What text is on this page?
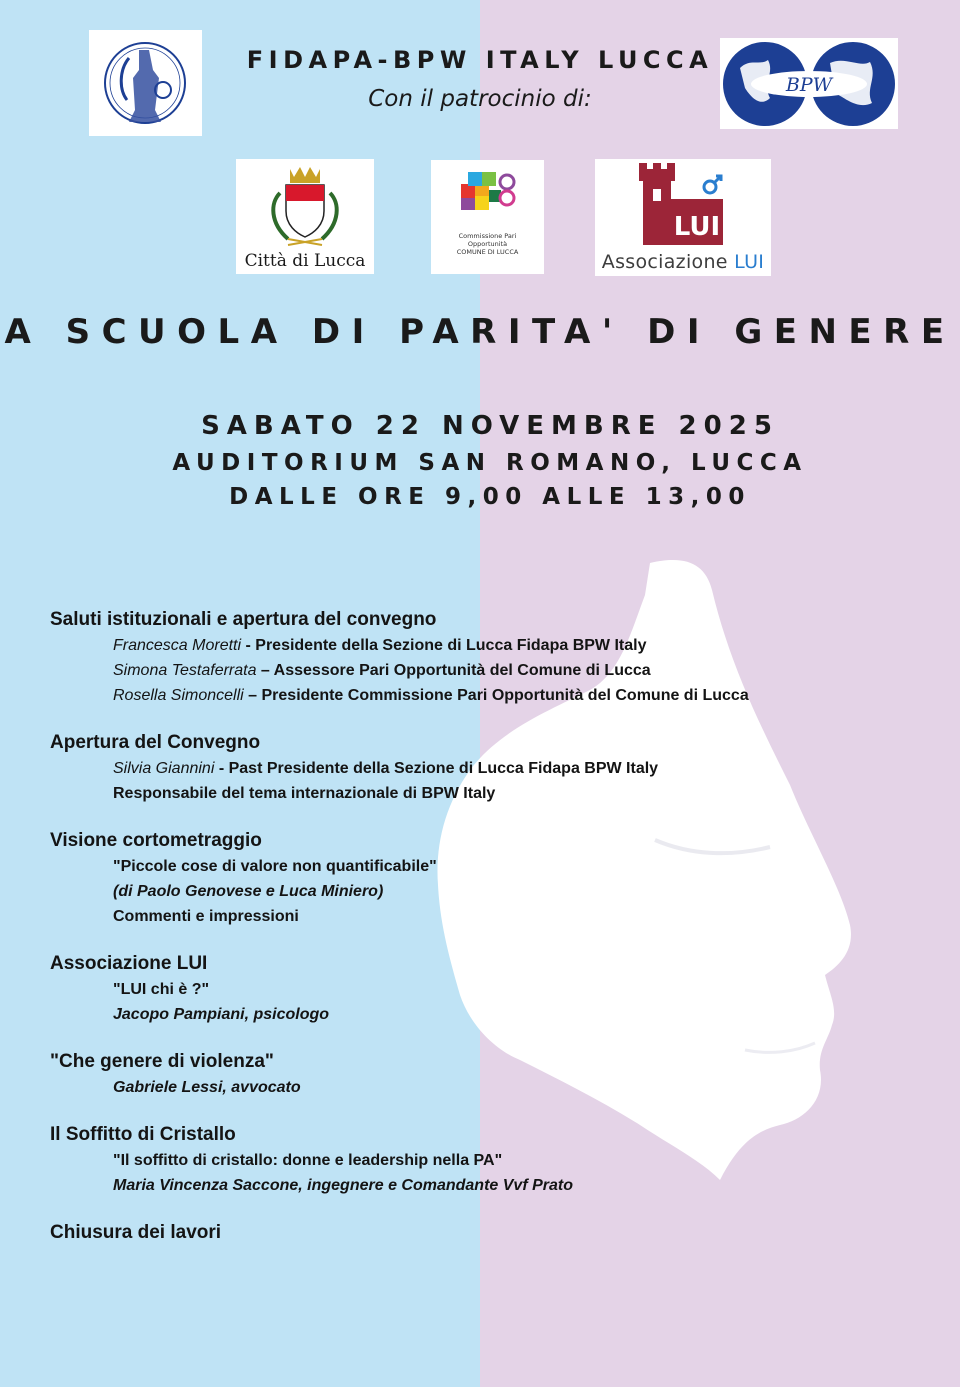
FIDAPA-BPW ITALY LUCCA
Con il patrocinio di:
BPW
Città di Lucca
Commissione Pari
Opportunità
COMUNE DI LUCCA
LUI
Associazione LUI
A SCUOLA DI PARITA' DI GENERE
SABATO 22 NOVEMBRE 2025
AUDITORIUM SAN ROMANO, LUCCA
DALLE ORE 9,00 ALLE 13,00
Saluti istituzionali e apertura del convegno
Francesca Moretti - Presidente della Sezione di Lucca Fidapa BPW Italy
Simona Testaferrata – Assessore Pari Opportunità del Comune di Lucca
Rosella Simoncelli – Presidente Commissione Pari Opportunità del Comune di Lucca
Apertura del Convegno
Silvia Giannini - Past Presidente della Sezione di Lucca Fidapa BPW Italy
Responsabile del tema internazionale di BPW Italy
Visione cortometraggio
"Piccole cose di valore non quantificabile"
(di Paolo Genovese e Luca Miniero)
Commenti e impressioni
Associazione LUI
"LUI chi è ?"
Jacopo Pampiani, psicologo
"Che genere di violenza"
Gabriele Lessi, avvocato
Il Soffitto di Cristallo
"Il soffitto di cristallo: donne e leadership nella PA"
Maria Vincenza Saccone, ingegnere e Comandante Vvf Prato
Chiusura dei lavori
